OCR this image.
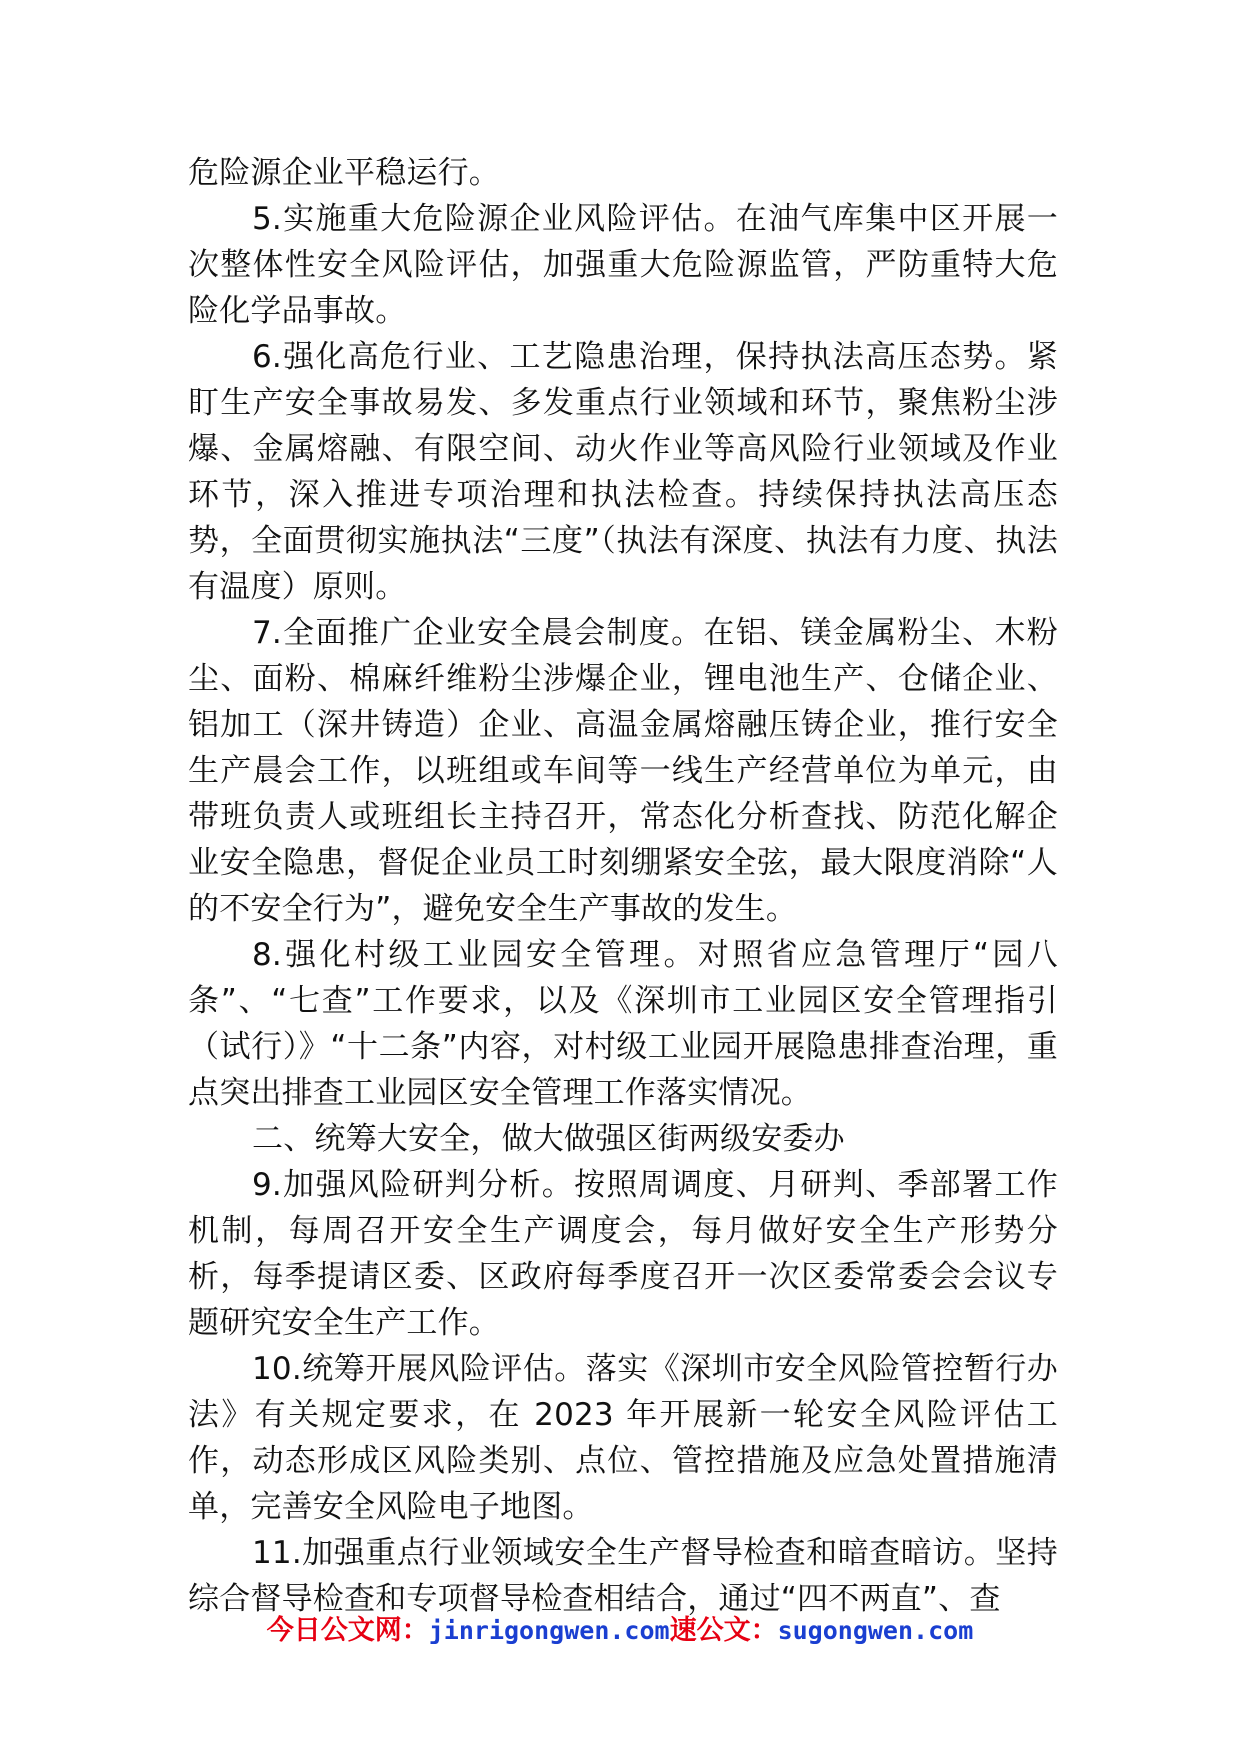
危险源企业平稳运行。

5.实施重大危险源企业风险评估。在油气库集中区开展一次整体性安全风险评估，加强重大危险源监管，严防重特大危险化学品事故。

6.强化高危行业、工艺隐患治理，保持执法高压态势。紧盯生产安全事故易发、多发重点行业领域和环节，聚焦粉尘涉爆、金属熔融、有限空间、动火作业等高风险行业领域及作业环节，深入推进专项治理和执法检查。持续保持执法高压态势，全面贯彻实施执法“三度”（执法有深度、执法有力度、执法有温度）原则。

7.全面推广企业安全晨会制度。在铝、镁金属粉尘、木粉尘、面粉、棉麻纤维粉尘涉爆企业，锂电池生产、仓储企业、铝加工（深井铸造）企业、高温金属熔融压铸企业，推行安全生产晨会工作，以班组或车间等一线生产经营单位为单元，由带班负责人或班组长主持召开，常态化分析查找、防范化解企业安全隐患，督促企业员工时刻绷紧安全弦，最大限度消除“人的不安全行为”，避免安全生产事故的发生。

8.强化村级工业园安全管理。对照省应急管理厅“园八条”、“七查”工作要求，以及《深圳市工业园区安全管理指引（试行）》“十二条”内容，对村级工业园开展隐患排查治理，重点突出排查工业园区安全管理工作落实情况。

二、统筹大安全，做大做强区街两级安委办

9.加强风险研判分析。按照周调度、月研判、季部署工作机制，每周召开安全生产调度会，每月做好安全生产形势分析，每季提请区委、区政府每季度召开一次区委常委会会议专题研究安全生产工作。

10.统筹开展风险评估。落实《深圳市安全风险管控暂行办法》有关规定要求，在 2023 年开展新一轮安全风险评估工作，动态形成区风险类别、点位、管控措施及应急处置措施清单，完善安全风险电子地图。

11.加强重点行业领域安全生产督导检查和暗查暗访。坚持综合督导检查和专项督导检查相结合，通过“四不两直”、查

今日公文网：jinrigongwen.com速公文：sugongwen.com
